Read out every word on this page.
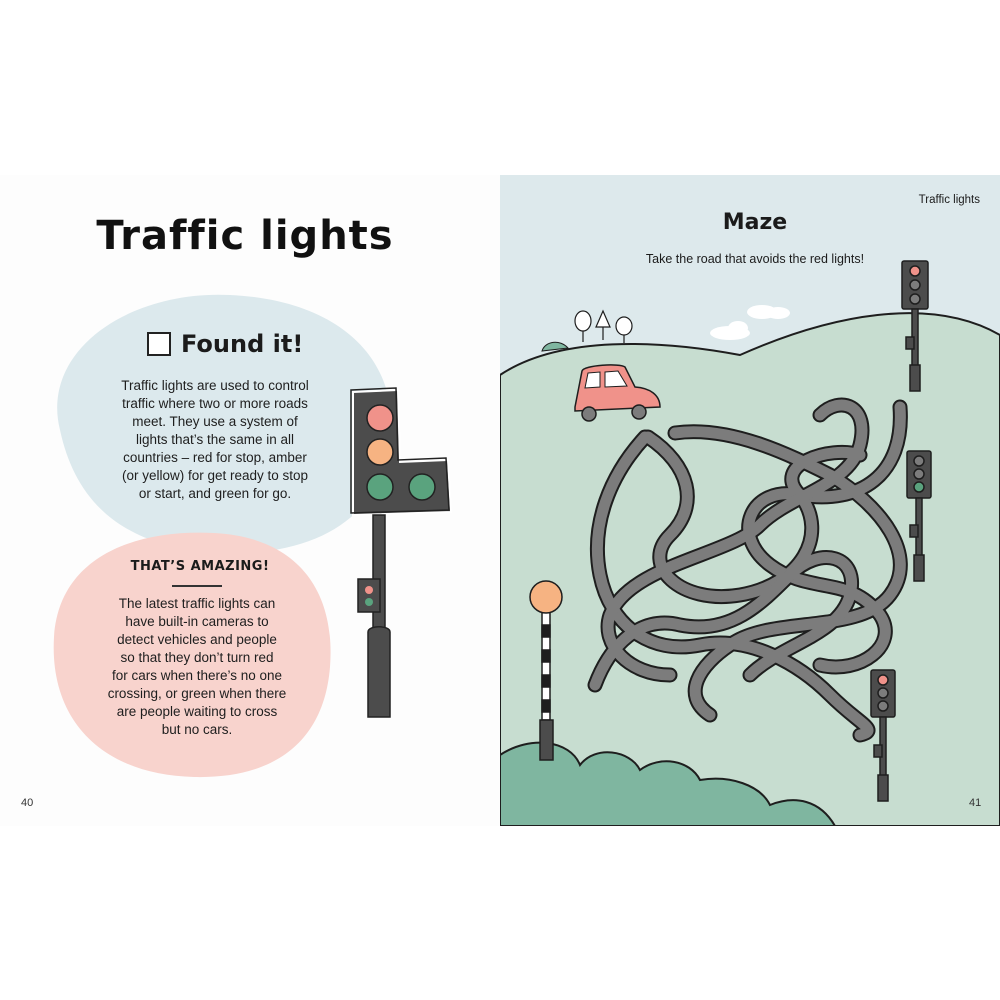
Traffic lights
Found it!
Traffic lights are used to control
traffic where two or more roads
meet. They use a system of
lights that’s the same in all
countries – red for stop, amber
(or yellow) for get ready to stop
or start, and green for go.
THAT’S AMAZING!
The latest traffic lights can
have built-in cameras to
detect vehicles and people
so that they don’t turn red
for cars when there’s no one
crossing, or green when there
are people waiting to cross
but no cars.
40
Traffic lights
Maze
Take the road that avoids the red lights!
41
